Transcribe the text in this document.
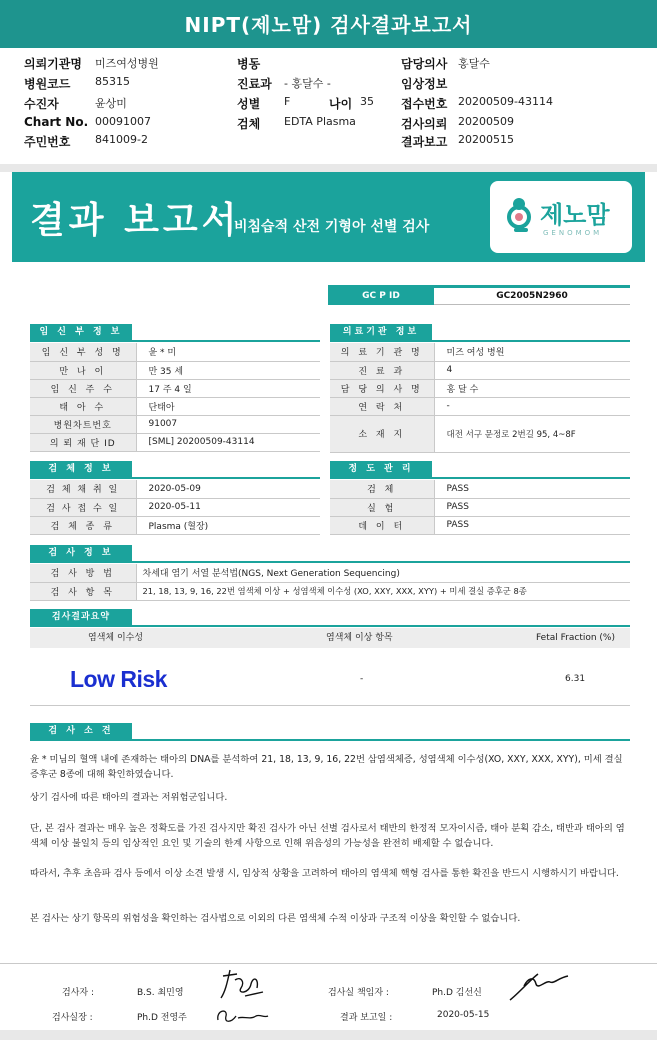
NIPT(제노맘) 검사결과보고서
의뢰기관명 미즈여성병원	병동	담당의사 홍달수
병원코드 85315	진료과 - 홍달수 -	임상정보
수진자	윤상미	성별 F	나이 35 접수번호 20200509-43114
Chart No. 00091007	검체 EDTA Plasma	검사의뢰 20200509
주민번호 841009-2	결과보고 20200515
결과 보고서
비침습적 산전 기형아 선별 검사	제노맘
GENOMOM
GC P ID	GC2005N2960
임 신 부 정 보
임 신 부 성 명	윤 * 미
만 나 이	만 35 세
임 신 주 수	17 주 4 일
태 아 수	단태아
병원차트번호	91007
의 뢰 재 단 ID	[SML] 20200509-43114
의료기관 정보
의 료 기 관 명	미즈 여성 병원
진 료 과	4
담 당 의 사 명	홍 달 수
연 락 처	-
소 재 지	대전 서구 문정로 2번길 95, 4~8F
검 체 정 보
검 체 채 취 일	2020-05-09
검 사 접 수 일	2020-05-11
검 체 종 류	Plasma (혈장)
정 도 관 리
검 체	PASS
실 험	PASS
데 이 터	PASS
검 사 정 보
검 사 방 법	차세대 염기 서열 분석법(NGS, Next Generation Sequencing)
검 사 항 목	21, 18, 13, 9, 16, 22번 염색체 이상 + 성염색체 이수성 (XO, XXY, XXX, XYY) + 미세 결실 증후군 8종
검사결과요약
염색체 이수성	염색체 이상 항목	Fetal Fraction (%)
Low Risk	-	6.31
검 사 소 견
윤 * 미님의 혈액 내에 존재하는 태아의 DNA를 분석하여 21, 18, 13, 9, 16, 22번 삼염색체증, 성염색체 이수성(XO, XXY, XXX, XYY), 미세 결실 증후군 8종에 대해 확인하였습니다.
상기 검사에 따른 태아의 결과는 저위험군입니다.
단, 본 검사 결과는 매우 높은 정확도를 가진 검사지만 확진 검사가 아닌 선별 검사로서 태반의 한정적 모자이시즘, 태아 분획 감소, 태반과 태아의 염색체 이상 불일치 등의 임상적인 요인 및 기술의 한계 사항으로 인해 위음성의 가능성을 완전히 배제할 수 없습니다.
따라서, 추후 초음파 검사 등에서 이상 소견 발생 시, 임상적 상황을 고려하여 태아의 염색체 핵형 검사를 통한 확진을 반드시 시행하시기 바랍니다.
본 검사는 상기 항목의 위험성을 확인하는 검사법으로 이외의 다른 염색체 수적 이상과 구조적 이상을 확인할 수 없습니다.
검사자 :	B.S. 최민영	검사실 책임자 :	Ph.D 김선신
검사실장 :	Ph.D 전영주	결과 보고일 :	2020-05-15
